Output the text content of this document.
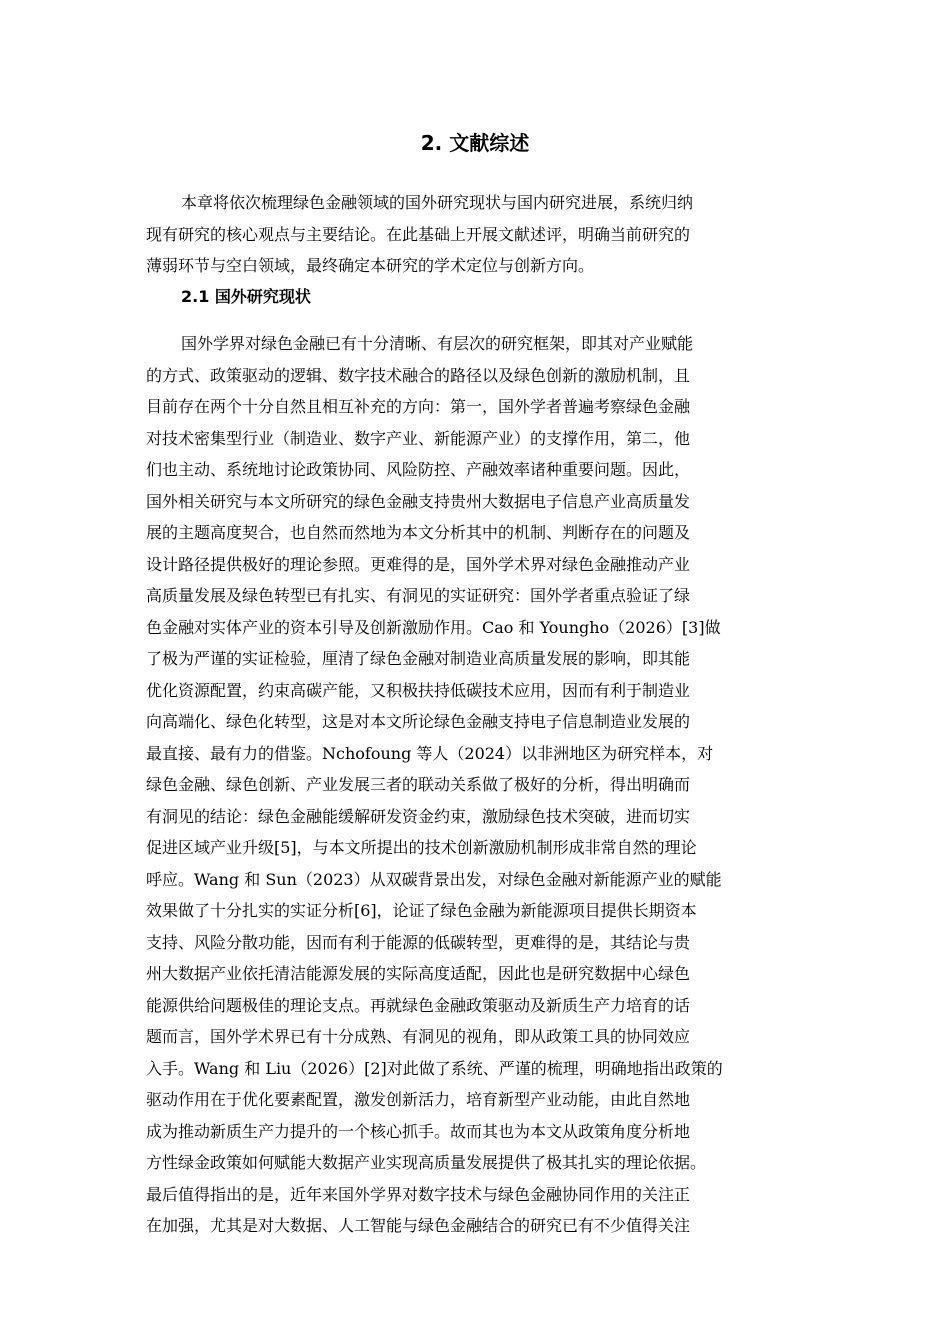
2. 文献综述

本章将依次梳理绿色金融领域的国外研究现状与国内研究进展，系统归纳

现有研究的核心观点与主要结论。在此基础上开展文献述评，明确当前研究的

薄弱环节与空白领域，最终确定本研究的学术定位与创新方向。

2.1 国外研究现状

国外学界对绿色金融已有十分清晰、有层次的研究框架，即其对产业赋能

的方式、政策驱动的逻辑、数字技术融合的路径以及绿色创新的激励机制，且

目前存在两个十分自然且相互补充的方向：第一，国外学者普遍考察绿色金融

对技术密集型行业（制造业、数字产业、新能源产业）的支撑作用，第二，他

们也主动、系统地讨论政策协同、风险防控、产融效率诸种重要问题。因此，

国外相关研究与本文所研究的绿色金融支持贵州大数据电子信息产业高质量发

展的主题高度契合，也自然而然地为本文分析其中的机制、判断存在的问题及

设计路径提供极好的理论参照。更难得的是，国外学术界对绿色金融推动产业

高质量发展及绿色转型已有扎实、有洞见的实证研究：国外学者重点验证了绿

色金融对实体产业的资本引导及创新激励作用。Cao 和 Youngho（2026）[3]做

了极为严谨的实证检验，厘清了绿色金融对制造业高质量发展的影响，即其能

优化资源配置，约束高碳产能，又积极扶持低碳技术应用，因而有利于制造业

向高端化、绿色化转型，这是对本文所论绿色金融支持电子信息制造业发展的

最直接、最有力的借鉴。Nchofoung 等人（2024）以非洲地区为研究样本，对

绿色金融、绿色创新、产业发展三者的联动关系做了极好的分析，得出明确而

有洞见的结论：绿色金融能缓解研发资金约束，激励绿色技术突破，进而切实

促进区域产业升级[5]，与本文所提出的技术创新激励机制形成非常自然的理论

呼应。Wang 和 Sun（2023）从双碳背景出发，对绿色金融对新能源产业的赋能

效果做了十分扎实的实证分析[6]，论证了绿色金融为新能源项目提供长期资本

支持、风险分散功能，因而有利于能源的低碳转型，更难得的是，其结论与贵

州大数据产业依托清洁能源发展的实际高度适配，因此也是研究数据中心绿色

能源供给问题极佳的理论支点。再就绿色金融政策驱动及新质生产力培育的话

题而言，国外学术界已有十分成熟、有洞见的视角，即从政策工具的协同效应

入手。Wang 和 Liu（2026）[2]对此做了系统、严谨的梳理，明确地指出政策的

驱动作用在于优化要素配置，激发创新活力，培育新型产业动能，由此自然地

成为推动新质生产力提升的一个核心抓手。故而其也为本文从政策角度分析地

方性绿金政策如何赋能大数据产业实现高质量发展提供了极其扎实的理论依据。

最后值得指出的是，近年来国外学界对数字技术与绿色金融协同作用的关注正

在加强，尤其是对大数据、人工智能与绿色金融结合的研究已有不少值得关注
